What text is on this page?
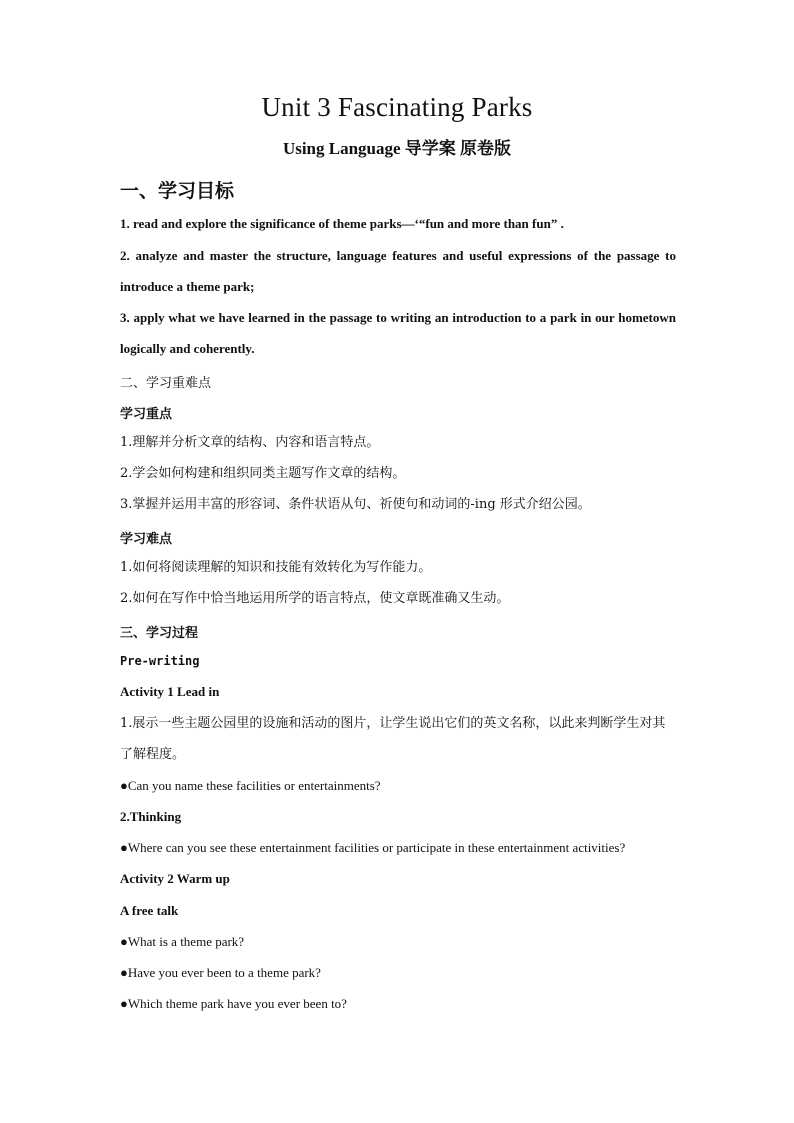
Unit 3 Fascinating Parks
Using Language 导学案 原卷版
一、学习目标
1. read and explore the significance of theme parks—‘“fun and more than fun” .
2. analyze and master the structure, language features and useful expressions of the passage to introduce a theme park;
3. apply what we have learned in the passage to writing an introduction to a park in our hometown logically and coherently.
二、学习重难点
学习重点
1.理解并分析文章的结构、内容和语言特点。
2.学会如何构建和组织同类主题写作文章的结构。
3.掌握并运用丰富的形容词、条件状语从句、祈使句和动词的-ing 形式介绍公园。
学习难点
1.如何将阅读理解的知识和技能有效转化为写作能力。
2.如何在写作中恰当地运用所学的语言特点，使文章既准确又生动。
三、学习过程
Pre-writing
Activity 1 Lead in
1.展示一些主题公园里的设施和活动的图片，让学生说出它们的英文名称，以此来判断学生对其了解程度。
●Can you name these facilities or entertainments?
2.Thinking
●Where can you see these entertainment facilities or participate in these entertainment activities?
Activity 2 Warm up
A free talk
●What is a theme park?
●Have you ever been to a theme park?
●Which theme park have you ever been to?
